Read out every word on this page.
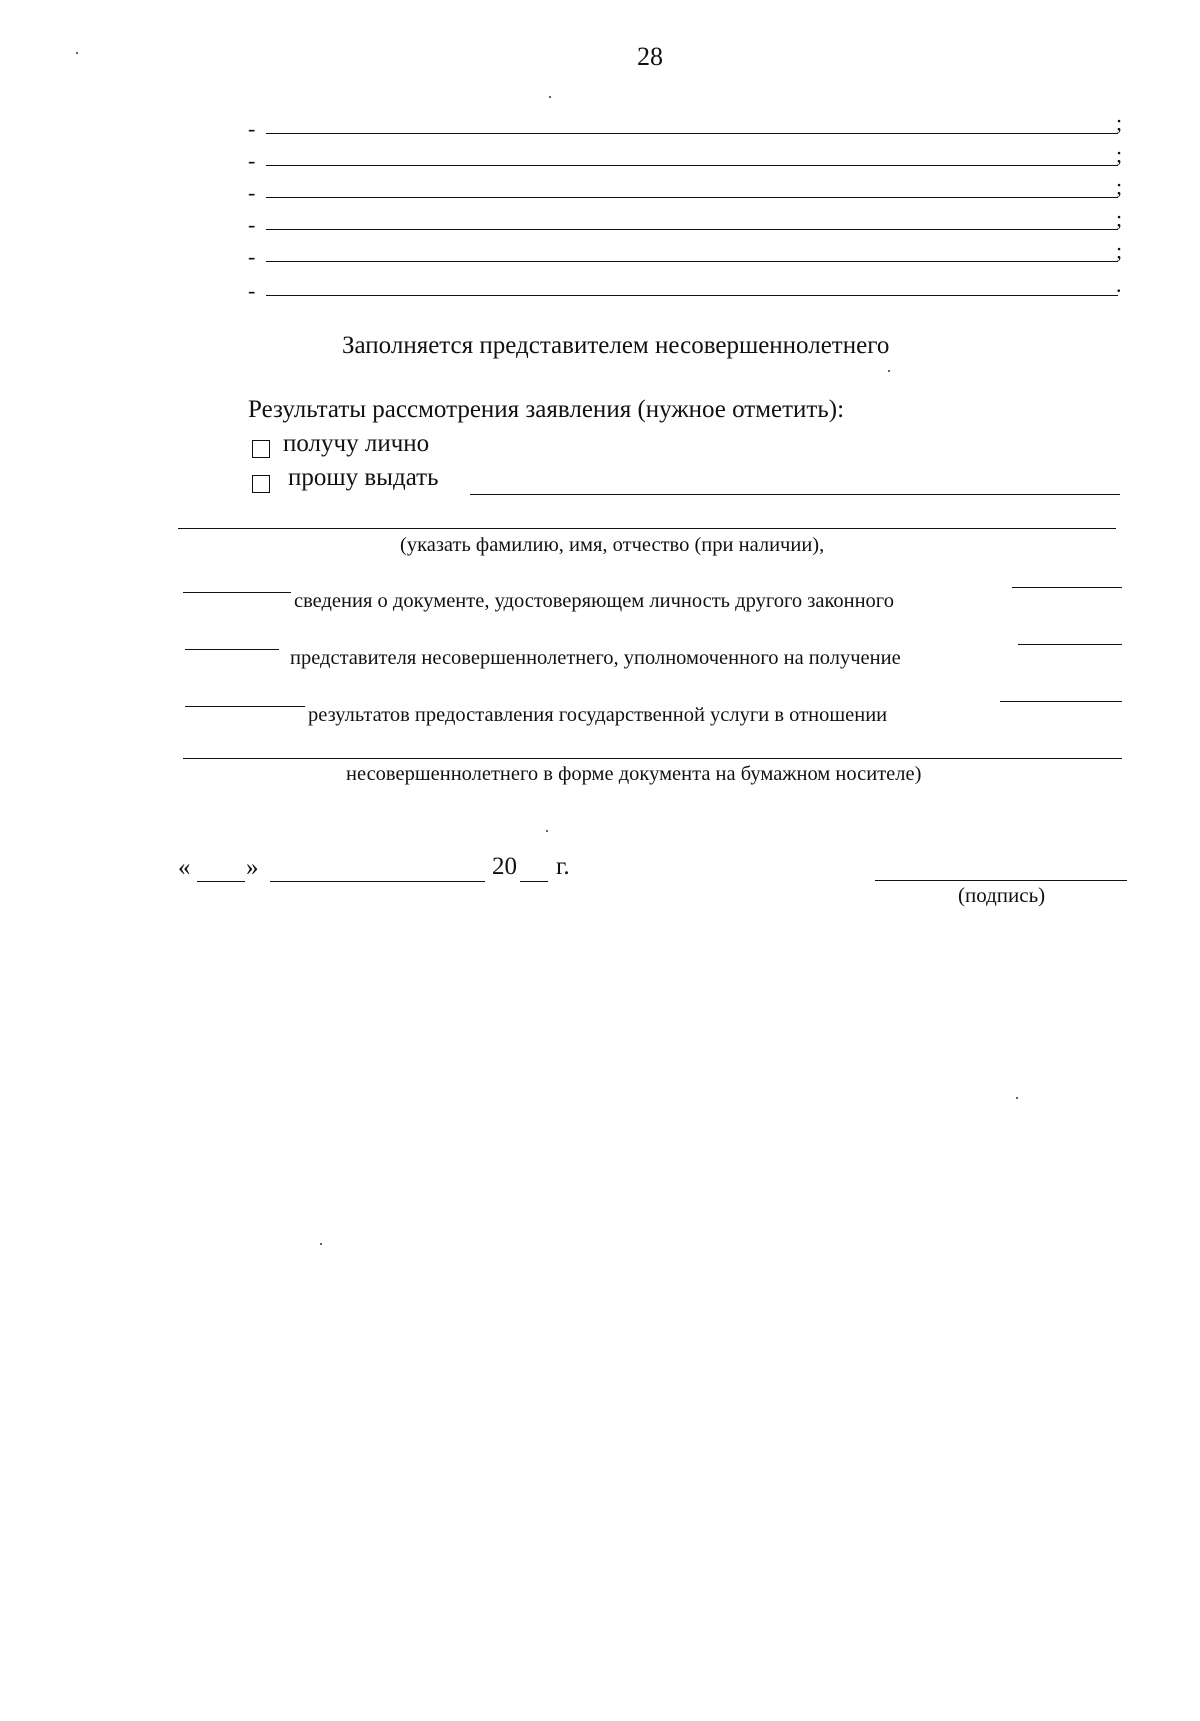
28
-	;
-	;
-	;
-	;
-	;
-	.
Заполняется представителем несовершеннолетнего
Результаты рассмотрения заявления (нужное отметить):
получу лично
прошу выдать
(указать фамилию, имя, отчество (при наличии),
сведения о документе, удостоверяющем личность другого законного
представителя несовершеннолетнего, уполномоченного на получение
результатов предоставления государственной услуги в отношении
несовершеннолетнего в форме документа на бумажном носителе)
« »	20 г.
(подпись)
